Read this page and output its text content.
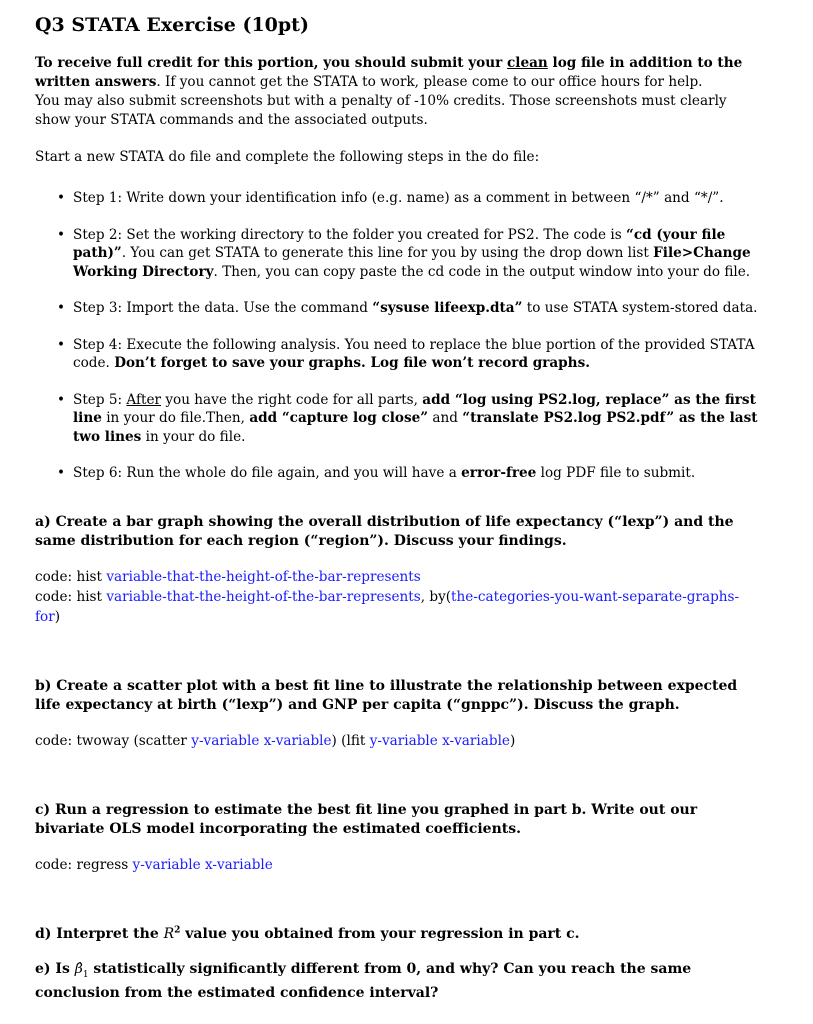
Q3 STATA Exercise (10pt)

To receive full credit for this portion, you should submit your clean log file in addition to the written answers. If you cannot get the STATA to work, please come to our office hours for help.
You may also submit screenshots but with a penalty of -10% credits. Those screenshots must clearly show your STATA commands and the associated outputs.

Start a new STATA do file and complete the following steps in the do file:

• Step 1: Write down your identification info (e.g. name) as a comment in between “/*” and “*/”.
• Step 2: Set the working directory to the folder you created for PS2. The code is “cd (your file path)”. You can get STATA to generate this line for you by using the drop down list File>Change Working Directory. Then, you can copy paste the cd code in the output window into your do file.
• Step 3: Import the data. Use the command “sysuse lifeexp.dta” to use STATA system-stored data.
• Step 4: Execute the following analysis. You need to replace the blue portion of the provided STATA code. Don’t forget to save your graphs. Log file won’t record graphs.
• Step 5: After you have the right code for all parts, add “log using PS2.log, replace” as the first line in your do file.Then, add “capture log close” and “translate PS2.log PS2.pdf” as the last two lines in your do file.
• Step 6: Run the whole do file again, and you will have a error-free log PDF file to submit.

a) Create a bar graph showing the overall distribution of life expectancy (“lexp”) and the same distribution for each region (“region”). Discuss your findings.

code: hist variable-that-the-height-of-the-bar-represents

code: hist variable-that-the-height-of-the-bar-represents, by(the-categories-you-want-separate-graphs-for)

b) Create a scatter plot with a best fit line to illustrate the relationship between expected life expectancy at birth (“lexp”) and GNP per capita (“gnppc”). Discuss the graph.

code: twoway (scatter y-variable x-variable) (lfit y-variable x-variable)

c) Run a regression to estimate the best fit line you graphed in part b. Write out our bivariate OLS model incorporating the estimated coefficients.

code: regress y-variable x-variable

d) Interpret the $R^2$ value you obtained from your regression in part c.

e) Is $\betâ_1$ statistically significantly different from 0, and why? Can you reach the same conclusion from the estimated confidence interval?
